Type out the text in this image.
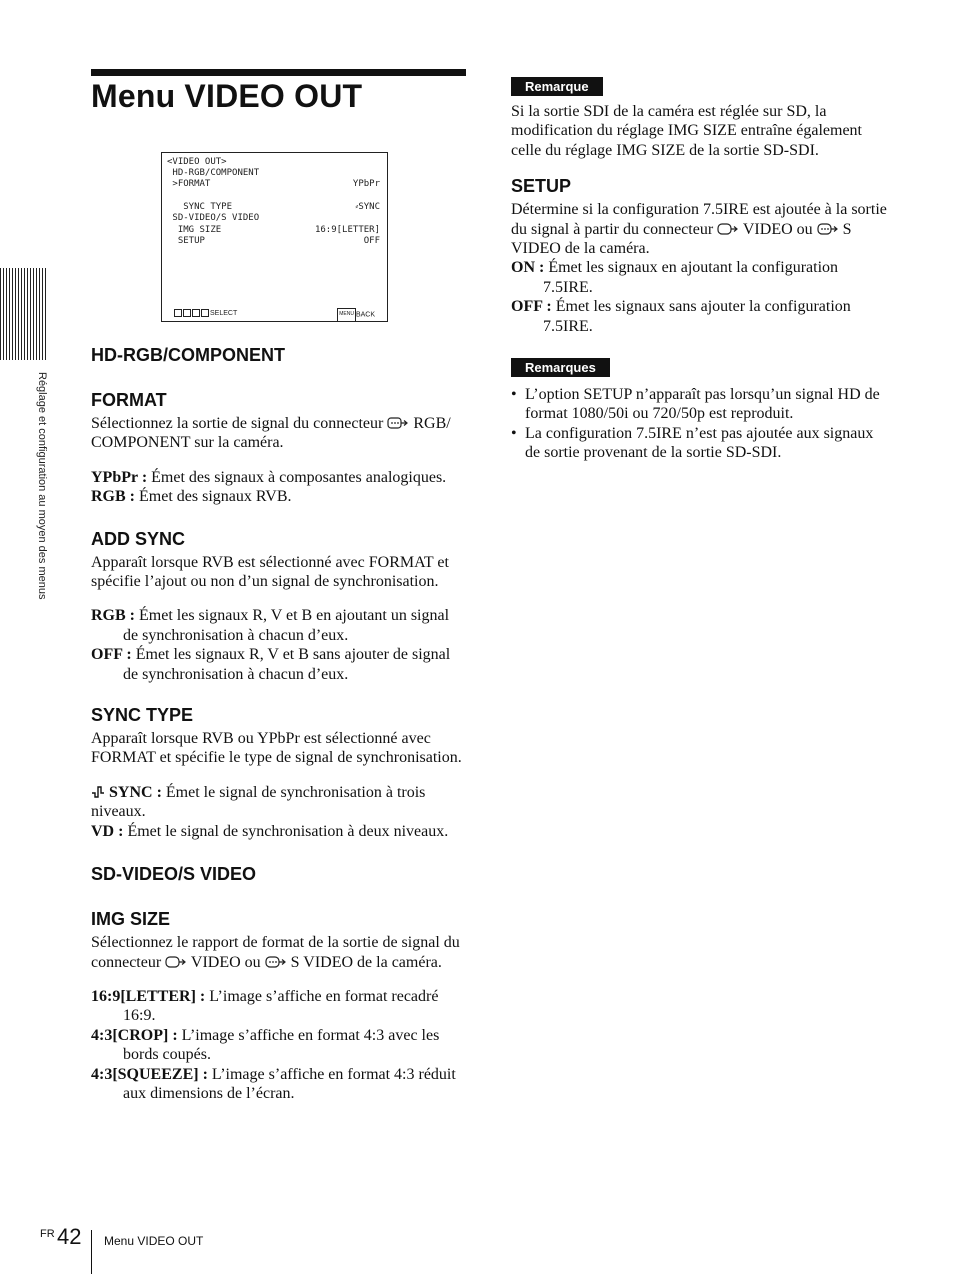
Réglage et configuration au moyen des menus
Menu VIDEO OUT
<VIDEO OUT>
HD-RGB/COMPONENT
>FORMAT	YPbPr
SYNC TYPE	⸗SYNC
SD-VIDEO/S VIDEO
IMG SIZE	16:9[LETTER]
SETUP	OFF
SELECT	MENU BACK
HD-RGB/COMPONENT
FORMAT

Sélectionnez la sortie de signal du connecteur RGB/ COMPONENT sur la caméra.

YPbPr : Émet des signaux à composantes analogiques.

RGB : Émet des signaux RVB.

ADD SYNC

Apparaît lorsque RVB est sélectionné avec FORMAT et spécifie l’ajout ou non d’un signal de synchronisation.

RGB : Émet les signaux R, V et B en ajoutant un signal de synchronisation à chacun d’eux.

OFF : Émet les signaux R, V et B sans ajouter de signal de synchronisation à chacun d’eux.

SYNC TYPE

Apparaît lorsque RVB ou YPbPr est sélectionné avec FORMAT et spécifie le type de signal de synchronisation.

SYNC : Émet le signal de synchronisation à trois niveaux.

VD : Émet le signal de synchronisation à deux niveaux.

SD-VIDEO/S VIDEO
IMG SIZE

Sélectionnez le rapport de format de la sortie de signal du connecteur VIDEO ou S VIDEO de la caméra.

16:9[LETTER] : L’image s’affiche en format recadré 16:9.

4:3[CROP] : L’image s’affiche en format 4:3 avec les bords coupés.

4:3[SQUEEZE] : L’image s’affiche en format 4:3 réduit aux dimensions de l’écran.

Remarque

Si la sortie SDI de la caméra est réglée sur SD, la modification du réglage IMG SIZE entraîne également celle du réglage IMG SIZE de la sortie SD-SDI.

SETUP

Détermine si la configuration 7.5IRE est ajoutée à la sortie du signal à partir du connecteur VIDEO ou S VIDEO de la caméra.

ON : Émet les signaux en ajoutant la configuration 7.5IRE.

OFF : Émet les signaux sans ajouter la configuration 7.5IRE.

Remarques

• L’option SETUP n’apparaît pas lorsqu’un signal HD de format 1080/50i ou 720/50p est reproduit.

• La configuration 7.5IRE n’est pas ajoutée aux signaux de sortie provenant de la sortie SD-SDI.

FR 42 Menu VIDEO OUT
